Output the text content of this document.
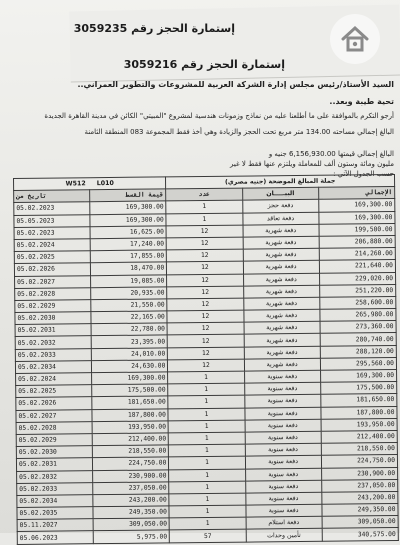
إستمارة الحجز رقم 3059235
إستمارة الحجز رقم 3059216
السيد الأستاذ/رئيس مجلس إدارة الشركة العربية للمشروعات والتطوير العمراني..
تحية طيبة وبعد..
أرجو التكرم بالموافقة على ما أطلعنا عليه من نماذج وزمونات هندسية لمشروع "المبيتي" الكائن في مدينة القاهرة الجديدة
البالغ إجمالي مساحته 134.00 متر مربع تحت الحجز والزيادة وهي أخذ فقط المجموعة 083 المنطقة الثامنة
البالغ إجمالي قيمتها 6,156,930.00 جنيه و
مليون ومائة وستون ألف للمعاملة ويلتزم عنها فقط لا غير
حسب الجدول الآتي :
W512 L010		جملة المبالغ الموضحة (جنيه مصري)		
تاريخ من	قيمة القسط	عدد	البيـــــان	الإجمالي
05.02.2023	169,300.00	1	دفعة حجز	169,300.00
05.05.2023	169,300.00	1	دفعة تعاقد	169,300.00
05.02.2023	16,625.00	12	دفعة شهرية	199,500.00
05.02.2024	17,240.00	12	دفعة شهرية	206,880.00
05.02.2025	17,855.00	12	دفعة شهرية	214,260.00
05.02.2026	18,470.00	12	دفعة شهرية	221,640.00
05.02.2027	19,085.00	12	دفعة شهرية	229,020.00
05.02.2028	20,935.00	12	دفعة شهرية	251,220.00
05.02.2029	21,550.00	12	دفعة شهرية	258,600.00
05.02.2030	22,165.00	12	دفعة شهرية	265,980.00
05.02.2031	22,780.00	12	دفعة شهرية	273,360.00
05.02.2032	23,395.00	12	دفعة شهرية	280,740.00
05.02.2033	24,010.00	12	دفعة شهرية	288,120.00
05.02.2034	24,630.00	12	دفعة شهرية	295,560.00
05.02.2024	169,300.00	1	دفعة سنوية	169,300.00
05.02.2025	175,500.00	1	دفعة سنوية	175,500.00
05.02.2026	181,650.00	1	دفعة سنوية	181,650.00
05.02.2027	187,800.00	1	دفعة سنوية	187,800.00
05.02.2028	193,950.00	1	دفعة سنوية	193,950.00
05.02.2029	212,400.00	1	دفعة سنوية	212,400.00
05.02.2030	218,550.00	1	دفعة سنوية	218,550.00
05.02.2031	224,750.00	1	دفعة سنوية	224,750.00
05.02.2032	230,900.00	1	دفعة سنوية	230,900.00
05.02.2033	237,050.00	1	دفعة سنوية	237,050.00
05.02.2034	243,200.00	1	دفعة سنوية	243,200.00
05.02.2035	249,350.00	1	دفعة سنوية	249,350.00
05.11.2027	309,050.00	1	دفعة استلام	309,050.00
05.06.2023	5,975.00	57	تأمين وحدات	340,575.00
